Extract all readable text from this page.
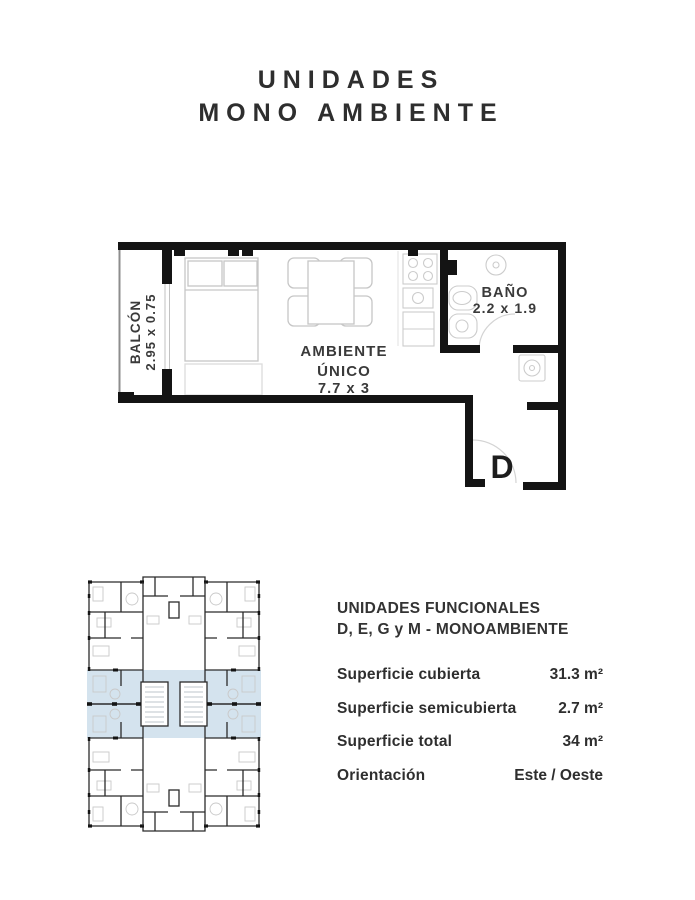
UNIDADES
MONO AMBIENTE
AMBIENTE
ÚNICO
7.7 x 3
BAÑO
2.2 x 1.9
BALCÓN 2.95 x 0.75
D
UNIDADES FUNCIONALES
D, E, G y M - MONOAMBIENTE
Superficie cubierta	31.3 m²
Superficie semicubierta	2.7 m²
Superficie total	34 m²
Orientación	Este / Oeste
